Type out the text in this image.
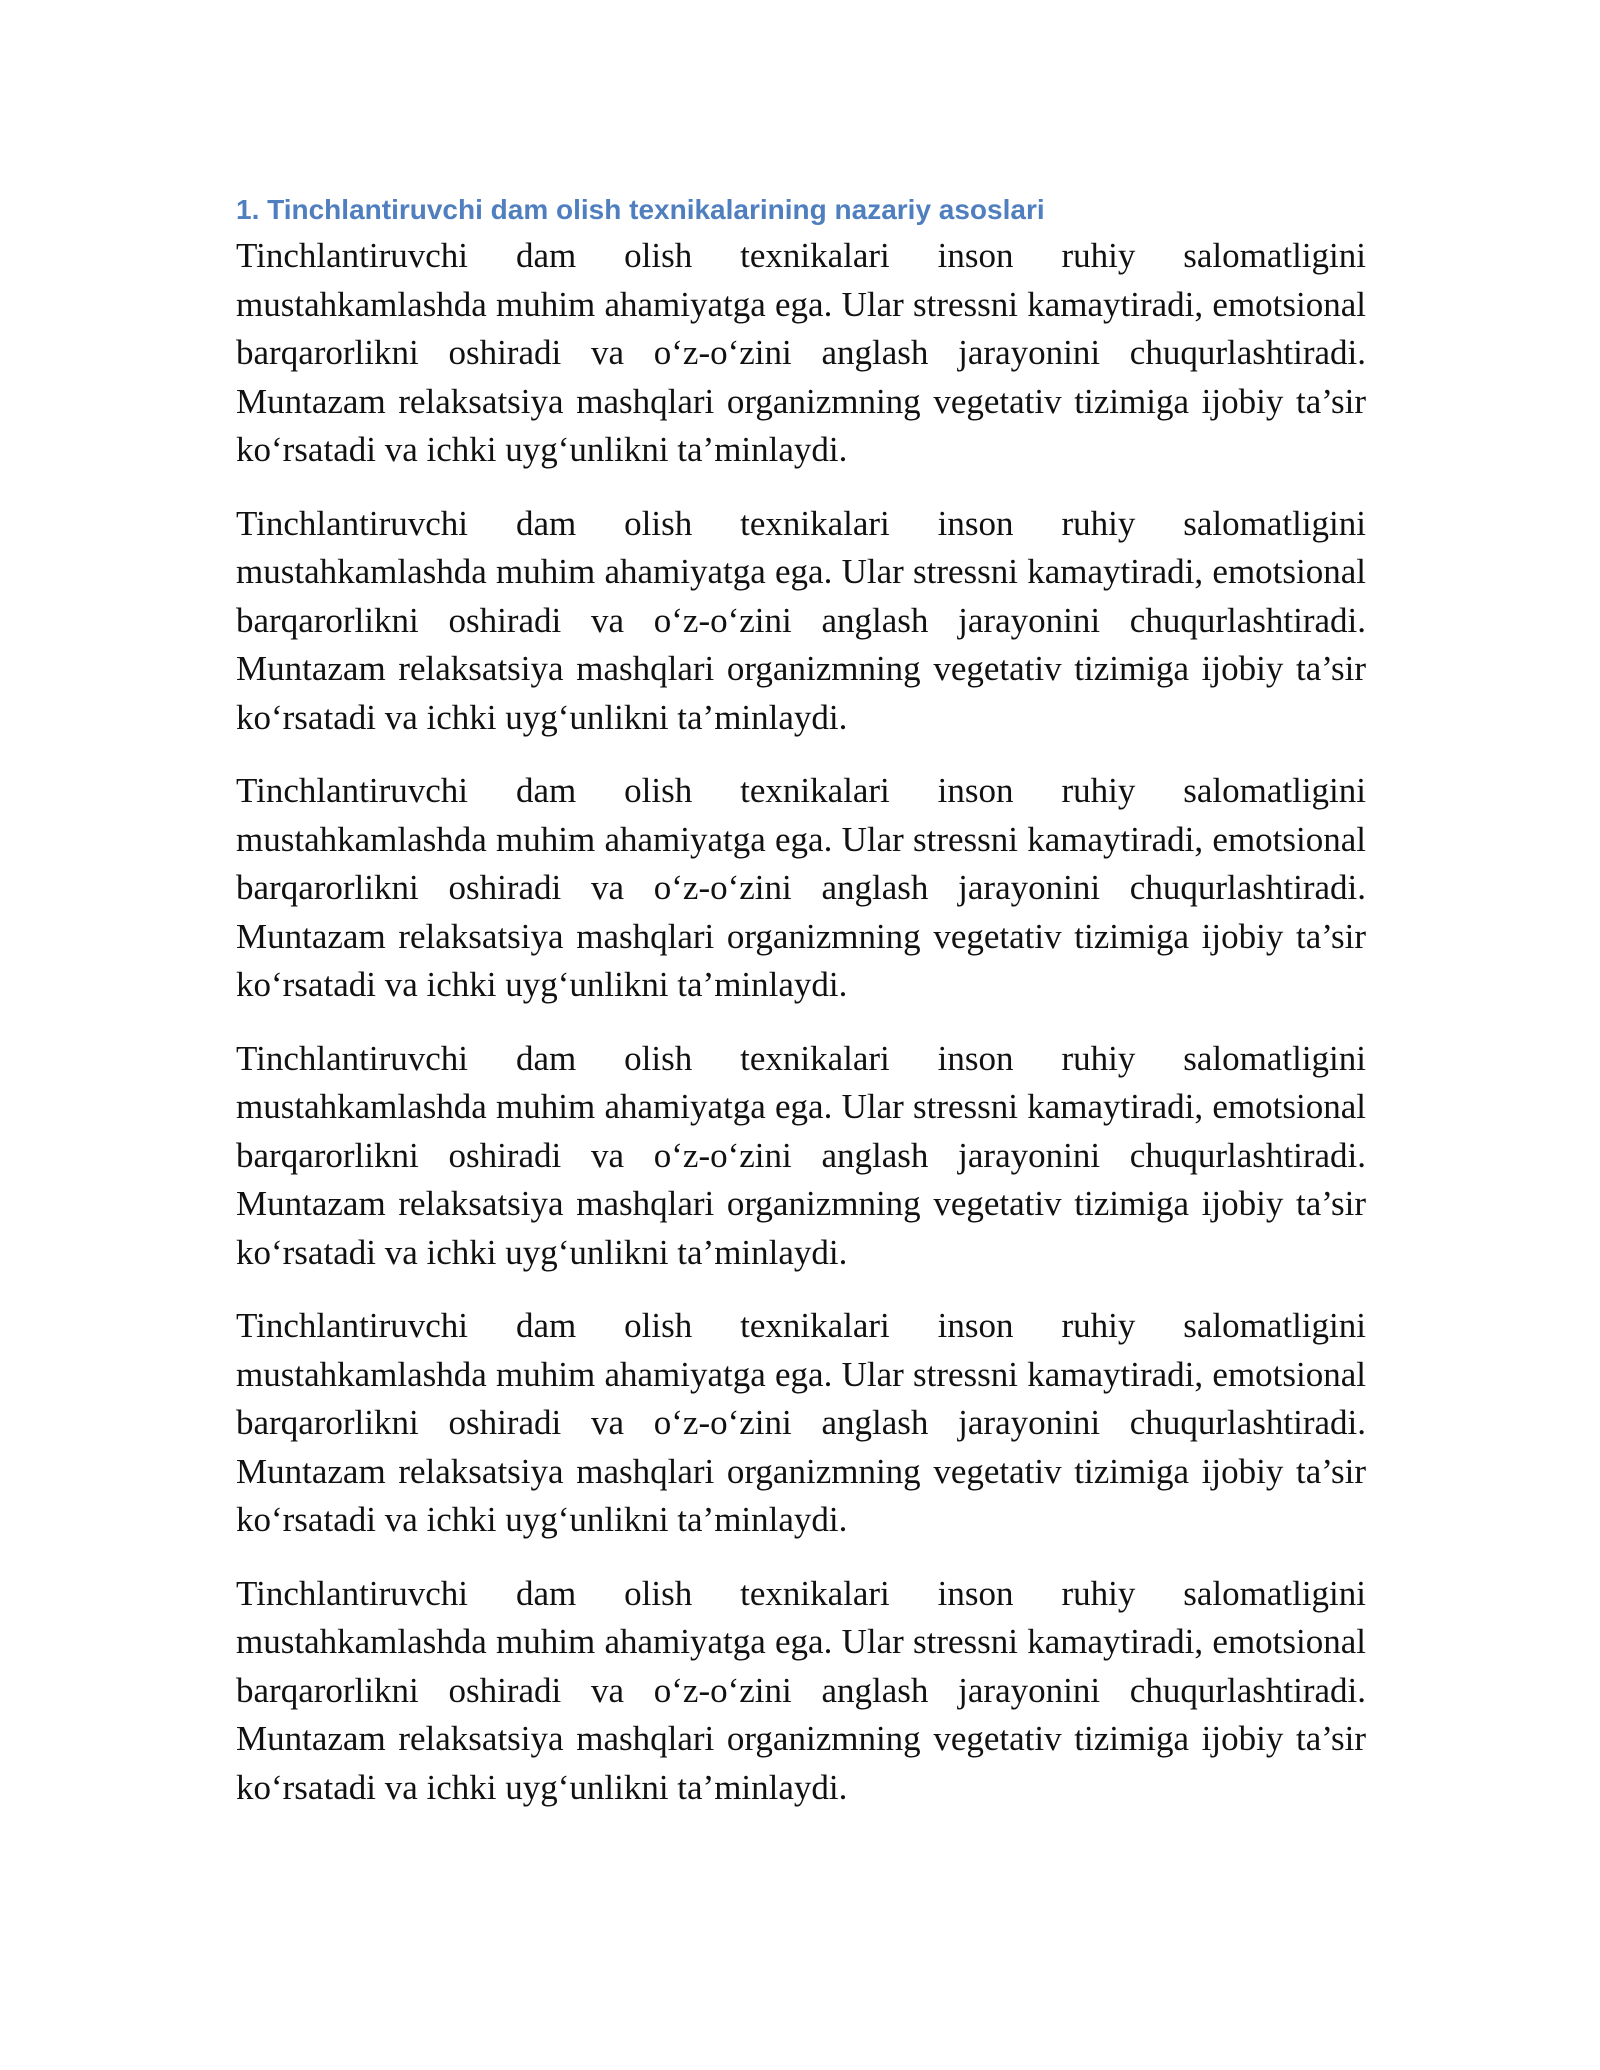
1. Tinchlantiruvchi dam olish texnikalarining nazariy asoslari

Tinchlantiruvchi dam olish texnikalari inson ruhiy salomatligini mustahkamlashda muhim ahamiyatga ega. Ular stressni kamaytiradi, emotsional barqarorlikni oshiradi va o‘z-o‘zini anglash jarayonini chuqurlashtiradi. Muntazam relaksatsiya mashqlari organizmning vegetativ tizimiga ijobiy ta’sir ko‘rsatadi va ichki uyg‘unlikni ta’minlaydi.

Tinchlantiruvchi dam olish texnikalari inson ruhiy salomatligini mustahkamlashda muhim ahamiyatga ega. Ular stressni kamaytiradi, emotsional barqarorlikni oshiradi va o‘z-o‘zini anglash jarayonini chuqurlashtiradi. Muntazam relaksatsiya mashqlari organizmning vegetativ tizimiga ijobiy ta’sir ko‘rsatadi va ichki uyg‘unlikni ta’minlaydi.

Tinchlantiruvchi dam olish texnikalari inson ruhiy salomatligini mustahkamlashda muhim ahamiyatga ega. Ular stressni kamaytiradi, emotsional barqarorlikni oshiradi va o‘z-o‘zini anglash jarayonini chuqurlashtiradi. Muntazam relaksatsiya mashqlari organizmning vegetativ tizimiga ijobiy ta’sir ko‘rsatadi va ichki uyg‘unlikni ta’minlaydi.

Tinchlantiruvchi dam olish texnikalari inson ruhiy salomatligini mustahkamlashda muhim ahamiyatga ega. Ular stressni kamaytiradi, emotsional barqarorlikni oshiradi va o‘z-o‘zini anglash jarayonini chuqurlashtiradi. Muntazam relaksatsiya mashqlari organizmning vegetativ tizimiga ijobiy ta’sir ko‘rsatadi va ichki uyg‘unlikni ta’minlaydi.

Tinchlantiruvchi dam olish texnikalari inson ruhiy salomatligini mustahkamlashda muhim ahamiyatga ega. Ular stressni kamaytiradi, emotsional barqarorlikni oshiradi va o‘z-o‘zini anglash jarayonini chuqurlashtiradi. Muntazam relaksatsiya mashqlari organizmning vegetativ tizimiga ijobiy ta’sir ko‘rsatadi va ichki uyg‘unlikni ta’minlaydi.

Tinchlantiruvchi dam olish texnikalari inson ruhiy salomatligini mustahkamlashda muhim ahamiyatga ega. Ular stressni kamaytiradi, emotsional barqarorlikni oshiradi va o‘z-o‘zini anglash jarayonini chuqurlashtiradi. Muntazam relaksatsiya mashqlari organizmning vegetativ tizimiga ijobiy ta’sir ko‘rsatadi va ichki uyg‘unlikni ta’minlaydi.
